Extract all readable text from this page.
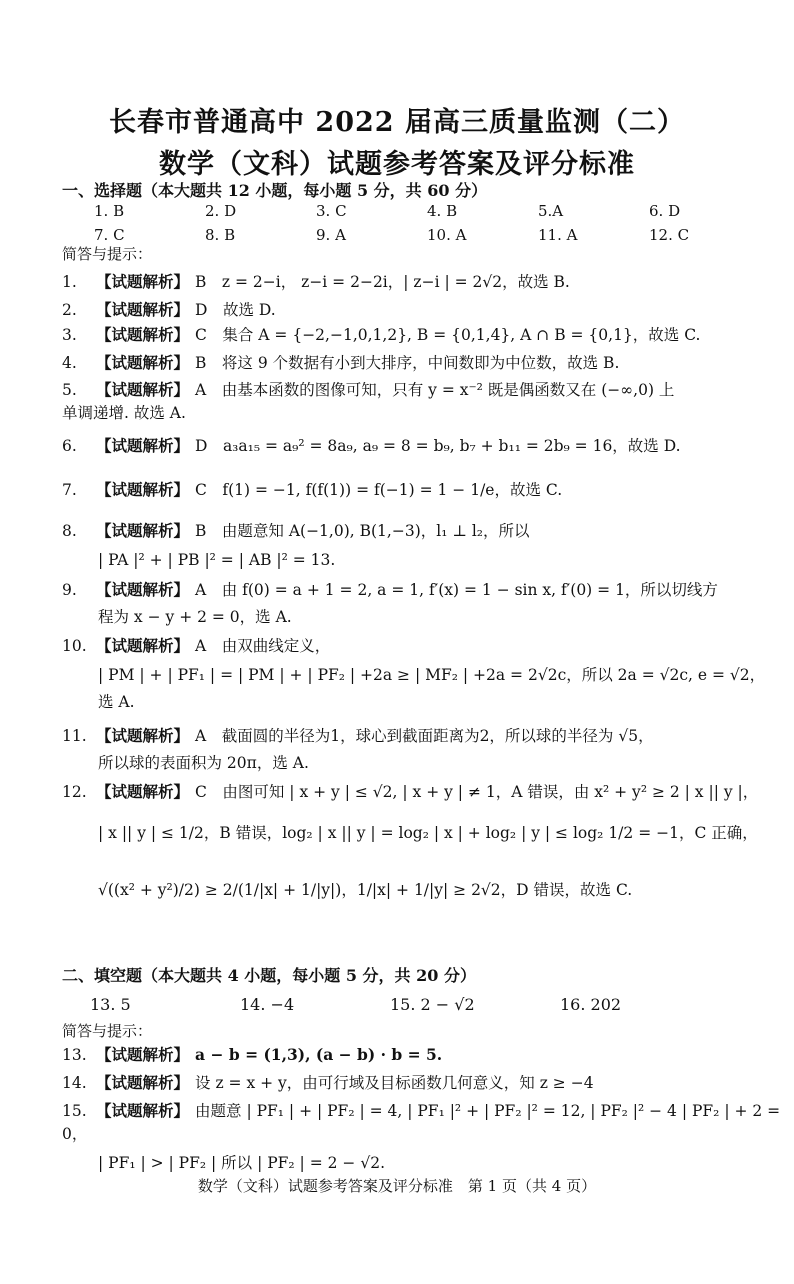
长春市普通高中 2022 届高三质量监测（二）
数学（文科）试题参考答案及评分标准
一、选择题（本大题共 12 小题，每小题 5 分，共 60 分）
1. B	2. D	3. C	4. B	5.A	6. D
7. C	8. B	9. A	10. A	11. A	12. C
简答与提示：
1. 【试题解析】 B　z = 2−i， z−i = 2−2i，| z−i | = 2√2，故选 B.
2. 【试题解析】 D　故选 D.
3. 【试题解析】 C　集合 A = {−2,−1,0,1,2}, B = {0,1,4}, A ∩ B = {0,1}，故选 C.
4. 【试题解析】 B　将这 9 个数据有小到大排序，中间数即为中位数，故选 B.
5. 【试题解析】 A　由基本函数的图像可知，只有 y = x⁻² 既是偶函数又在 (−∞,0) 上
单调递增. 故选 A.
6. 【试题解析】 D　a₃a₁₅ = a₉² = 8a₉, a₉ = 8 = b₉, b₇ + b₁₁ = 2b₉ = 16，故选 D.
7. 【试题解析】 C　f(1) = −1, f(f(1)) = f(−1) = 1 − 1/e，故选 C.
8. 【试题解析】 B　由题意知 A(−1,0), B(1,−3)，l₁ ⊥ l₂，所以
| PA |² + | PB |² = | AB |² = 13.
9. 【试题解析】 A　由 f(0) = a + 1 = 2, a = 1, f′(x) = 1 − sin x, f′(0) = 1，所以切线方
程为 x − y + 2 = 0，选 A.
10. 【试题解析】 A　由双曲线定义，
| PM | + | PF₁ | = | PM | + | PF₂ | +2a ≥ | MF₂ | +2a = 2√2c，所以 2a = √2c, e = √2，
选 A.
11. 【试题解析】 A　截面圆的半径为1，球心到截面距离为2，所以球的半径为 √5，
所以球的表面积为 20π，选 A.
12. 【试题解析】 C　由图可知 | x + y | ≤ √2, | x + y | ≠ 1，A 错误，由 x² + y² ≥ 2 | x || y |，
| x || y | ≤ 1/2，B 错误，log₂ | x || y | = log₂ | x | + log₂ | y | ≤ log₂ 1/2 = −1，C 正确，
√((x² + y²)/2) ≥ 2/(1/|x| + 1/|y|)，1/|x| + 1/|y| ≥ 2√2，D 错误，故选 C.
二、填空题（本大题共 4 小题，每小题 5 分，共 20 分）
13. 5	14. −4	15. 2 − √2	16. 202
简答与提示：
13. 【试题解析】 a − b = (1,3), (a − b) · b = 5.
14. 【试题解析】 设 z = x + y，由可行域及目标函数几何意义，知 z ≥ −4
15. 【试题解析】 由题意 | PF₁ | + | PF₂ | = 4, | PF₁ |² + | PF₂ |² = 12, | PF₂ |² − 4 | PF₂ | + 2 = 0，
| PF₁ | > | PF₂ | 所以 | PF₂ | = 2 − √2.
数学（文科）试题参考答案及评分标准　第 1 页（共 4 页）
